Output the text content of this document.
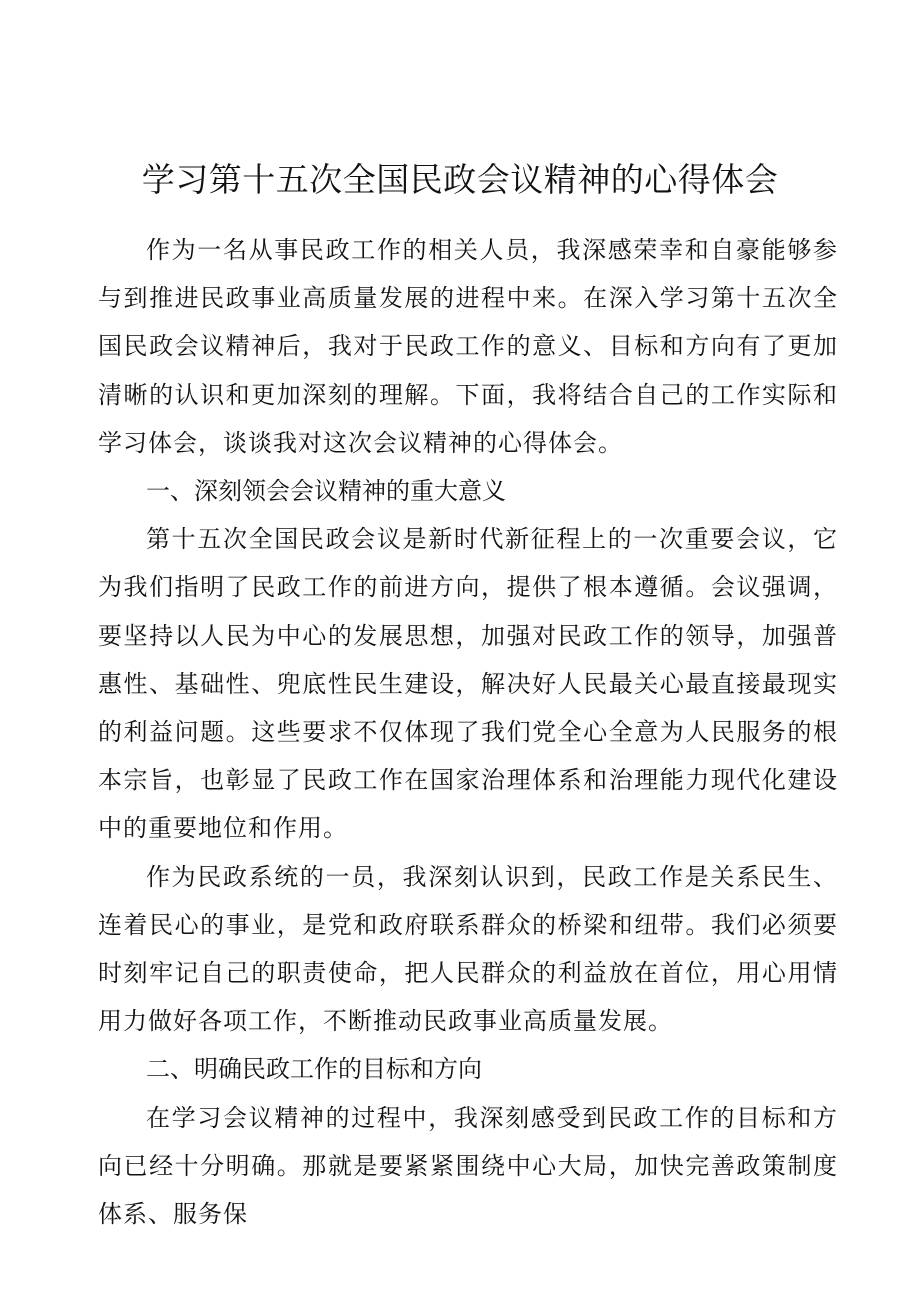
学习第十五次全国民政会议精神的心得体会

作为一名从事民政工作的相关人员，我深感荣幸和自豪能够参与到推进民政事业高质量发展的进程中来。在深入学习第十五次全国民政会议精神后，我对于民政工作的意义、目标和方向有了更加清晰的认识和更加深刻的理解。下面，我将结合自己的工作实际和学习体会，谈谈我对这次会议精神的心得体会。

一、深刻领会会议精神的重大意义

第十五次全国民政会议是新时代新征程上的一次重要会议，它为我们指明了民政工作的前进方向，提供了根本遵循。会议强调，要坚持以人民为中心的发展思想，加强对民政工作的领导，加强普惠性、基础性、兜底性民生建设，解决好人民最关心最直接最现实的利益问题。这些要求不仅体现了我们党全心全意为人民服务的根本宗旨，也彰显了民政工作在国家治理体系和治理能力现代化建设中的重要地位和作用。

作为民政系统的一员，我深刻认识到，民政工作是关系民生、连着民心的事业，是党和政府联系群众的桥梁和纽带。我们必须要时刻牢记自己的职责使命，把人民群众的利益放在首位，用心用情用力做好各项工作，不断推动民政事业高质量发展。

二、明确民政工作的目标和方向

在学习会议精神的过程中，我深刻感受到民政工作的目标和方向已经十分明确。那就是要紧紧围绕中心大局，加快完善政策制度体系、服务保
